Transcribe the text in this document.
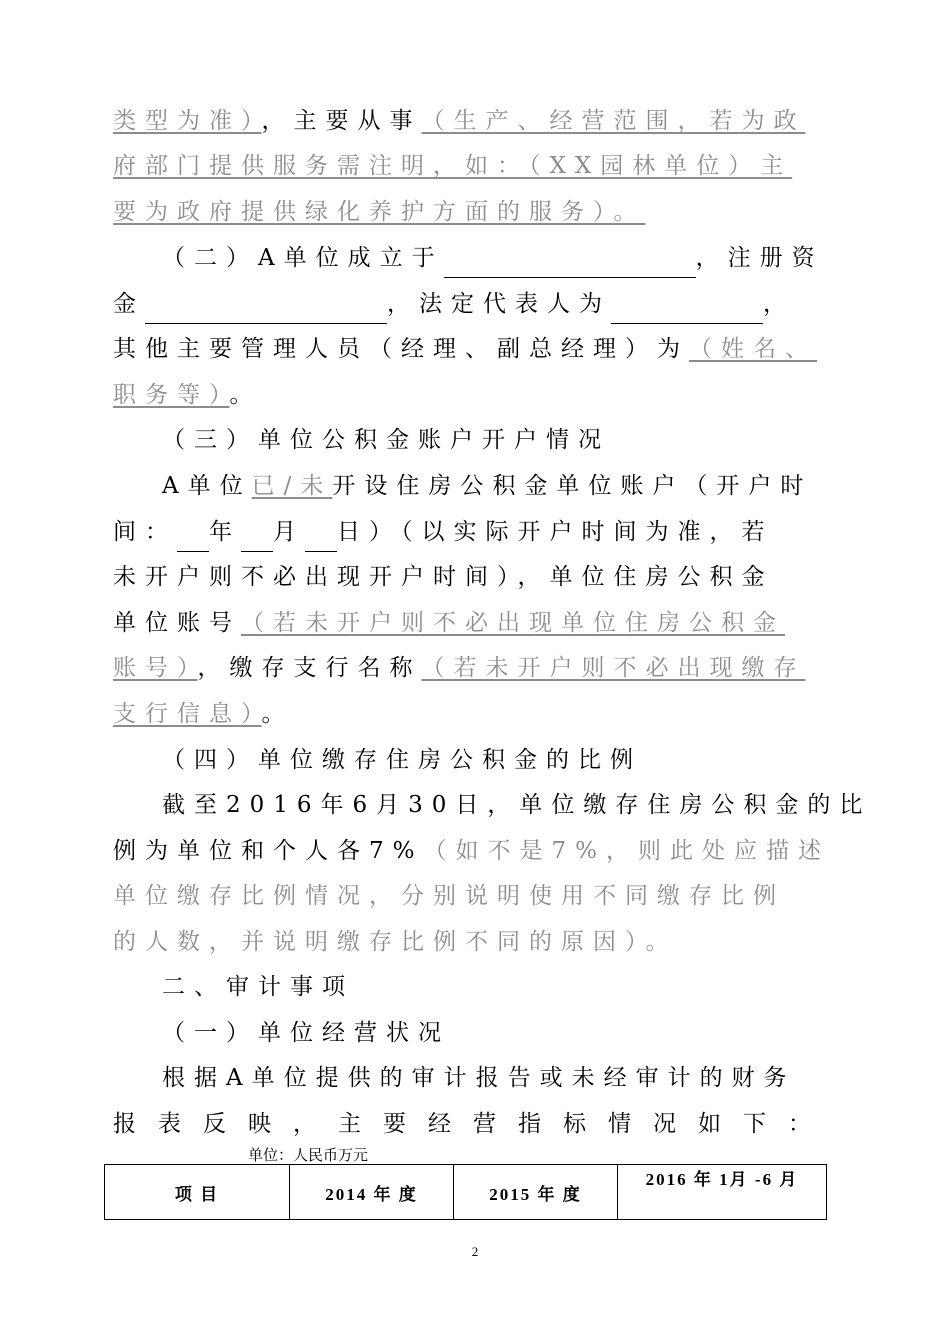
类型为准），主要从事（生产、经营范围，若为政
府部门提供服务需注明，如：（XX园林单位）主
要为政府提供绿化养护方面的服务）。
（二）A单位成立于	，注册资
金	，法定代表人为	，
其他主要管理人员（经理、副总经理）为（姓名、
职务等）。
（三）单位公积金账户开户情况
A单位已/未开设住房公积金单位账户（开户时
间： 年 月 日）（以实际开户时间为准，若
未开户则不必出现开户时间），单位住房公积金
单位账号（若未开户则不必出现单位住房公积金
账号），缴存支行名称（若未开户则不必出现缴存
支行信息）。
（四）单位缴存住房公积金的比例
截至2016年6月30日，单位缴存住房公积金的比
例为单位和个人各7%（如不是7%，则此处应描述
单位缴存比例情况，分别说明使用不同缴存比例
的人数，并说明缴存比例不同的原因）。
二、审计事项
（一）单位经营状况
根据A单位提供的审计报告或未经审计的财务
报表反映，主要经营指标情况如下：
单位：人民币万元
项 目	2014 年 度	2015 年 度	2016 年 1月 -6 月
2
